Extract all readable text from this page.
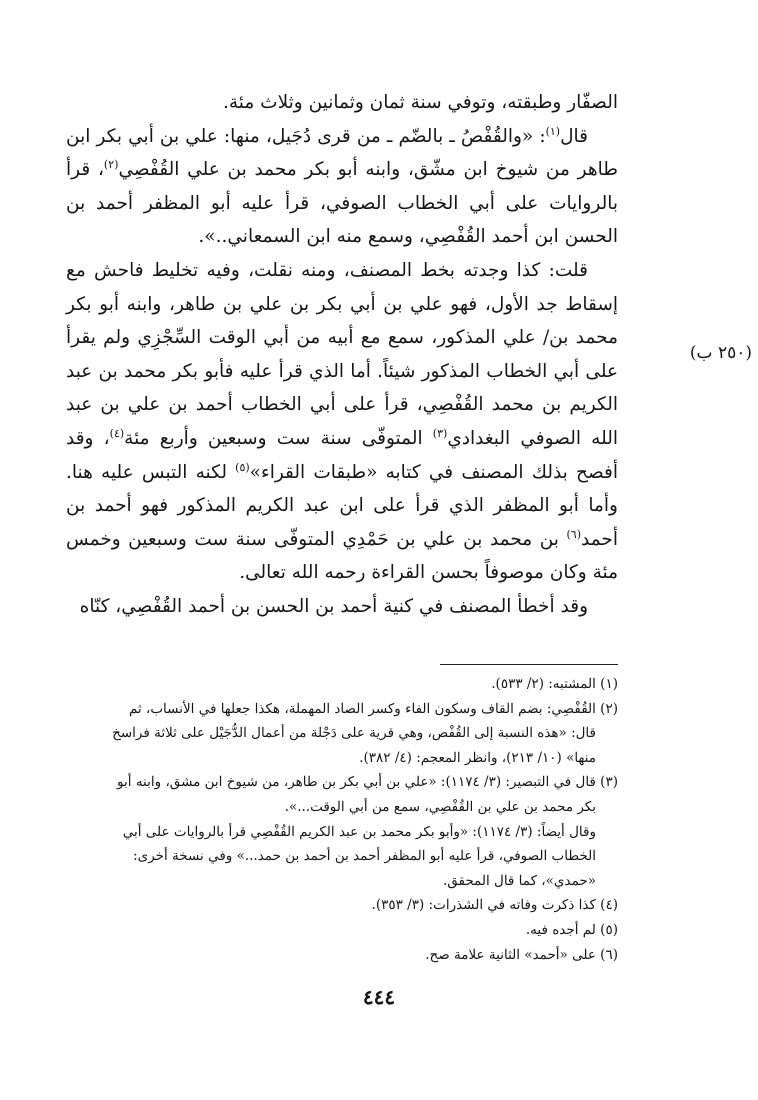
الصفّار وطبقته، وتوفي سنة ثمان وثمانين وثلاث مئة.

قال$^{(١)}$: «والقُفْصُ ـ بالضّم ـ من قرى دُجَيل، منها: علي بن أبي بكر ابن طاهر من شيوخ ابن مشّق، وابنه أبو بكر محمد بن علي القُفْصِي$^{(٢)}$، قرأ بالروايات على أبي الخطاب الصوفي، قرأ عليه أبو المظفر أحمد بن الحسن ابن أحمد القُفْصِي، وسمع منه ابن السمعاني..».

قلت: كذا وجدته بخط المصنف، ومنه نقلت، وفيه تخليط فاحش مع إسقاط جد الأول، فهو علي بن أبي بكر بن علي بن طاهر، وابنه أبو بكر محمد بن/ علي المذكور، سمع مع أبيه من أبي الوقت السِّجْزِي ولم يقرأ على أبي الخطاب المذكور شيئاً. أما الذي قرأ عليه فأبو بكر محمد بن عبد الكريم بن محمد القُفْصِي، قرأ على أبي الخطاب أحمد بن علي بن عبد الله الصوفي البغدادي$^{(٣)}$ المتوفّى سنة ست وسبعين وأربع مئة$^{(٤)}$، وقد أفصح بذلك المصنف في كتابه «طبقات القراء»$^{(٥)}$ لكنه التبس عليه هنا. وأما أبو المظفر الذي قرأ على ابن عبد الكريم المذكور فهو أحمد بن أحمد$^{(٦)}$ بن محمد بن علي بن حَمْدِي المتوفّى سنة ست وسبعين وخمس مئة وكان موصوفاً بحسن القراءة رحمه الله تعالى.

وقد أخطأ المصنف في كنية أحمد بن الحسن بن أحمد القُفْصِي، كنّاه

(٢٥٠ ب)

(١) المشتبه: (٢/ ٥٣٣).

(٢) القُفْصِي: بضم القاف وسكون الفاء وكسر الصاد المهملة، هكذا جعلها في الأنساب، ثم

قال: «هذه النسبة إلى القُفْص، وهي قرية على دَجْلة من أعمال الدُّجَيْل على ثلاثة فراسخ

منها» (١٠/ ٢١٣)، وانظر المعجم: (٤/ ٣٨٢).

(٣) قال في التبصير: (٣/ ١١٧٤): «علي بن أبي بكر بن طاهر، من شيوخ ابن مشق، وابنه أبو

بكر محمد بن علي بن القُفْصِي، سمع من أبي الوقت...».

وقال أيضاً: (٣/ ١١٧٤): «وأبو بكر محمد بن عبد الكريم القُفْصِي قرأ بالروايات على أبي

الخطاب الصوفي، قرأ عليه أبو المظفر أحمد بن أحمد بن حمد...» وفي نسخة أخرى:

«حمدي»، كما قال المحقق.

(٤) كذا ذكرت وفاته في الشذرات: (٣/ ٣٥٣).

(٥) لم أجده فيه.

(٦) على «أحمد» الثانية علامة صح.

٤٤٤
